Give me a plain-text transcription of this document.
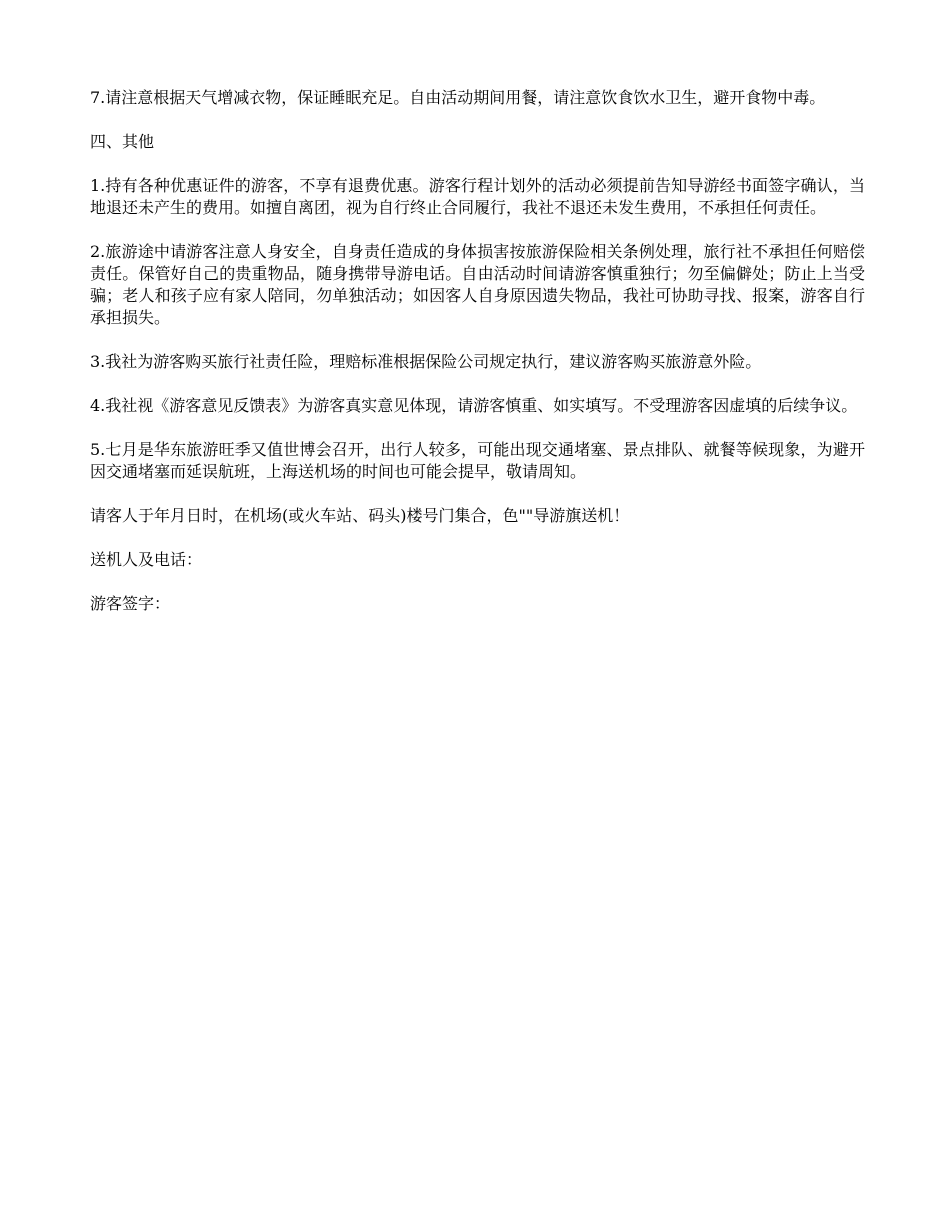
7.请注意根据天气增减衣物，保证睡眠充足。自由活动期间用餐，请注意饮食饮水卫生，避开食物中毒。

四、其他

1.持有各种优惠证件的游客，不享有退费优惠。游客行程计划外的活动必须提前告知导游经书面签字确认，当地退还未产生的费用。如擅自离团，视为自行终止合同履行，我社不退还未发生费用，不承担任何责任。

2.旅游途中请游客注意人身安全，自身责任造成的身体损害按旅游保险相关条例处理，旅行社不承担任何赔偿责任。保管好自己的贵重物品，随身携带导游电话。自由活动时间请游客慎重独行；勿至偏僻处；防止上当受骗；老人和孩子应有家人陪同，勿单独活动；如因客人自身原因遗失物品，我社可协助寻找、报案，游客自行承担损失。

3.我社为游客购买旅行社责任险，理赔标准根据保险公司规定执行，建议游客购买旅游意外险。

4.我社视《游客意见反馈表》为游客真实意见体现，请游客慎重、如实填写。不受理游客因虚填的后续争议。

5.七月是华东旅游旺季又值世博会召开，出行人较多，可能出现交通堵塞、景点排队、就餐等候现象，为避开因交通堵塞而延误航班，上海送机场的时间也可能会提早，敬请周知。

请客人于年月日时，在机场(或火车站、码头)楼号门集合，色""导游旗送机！

送机人及电话：

游客签字：
